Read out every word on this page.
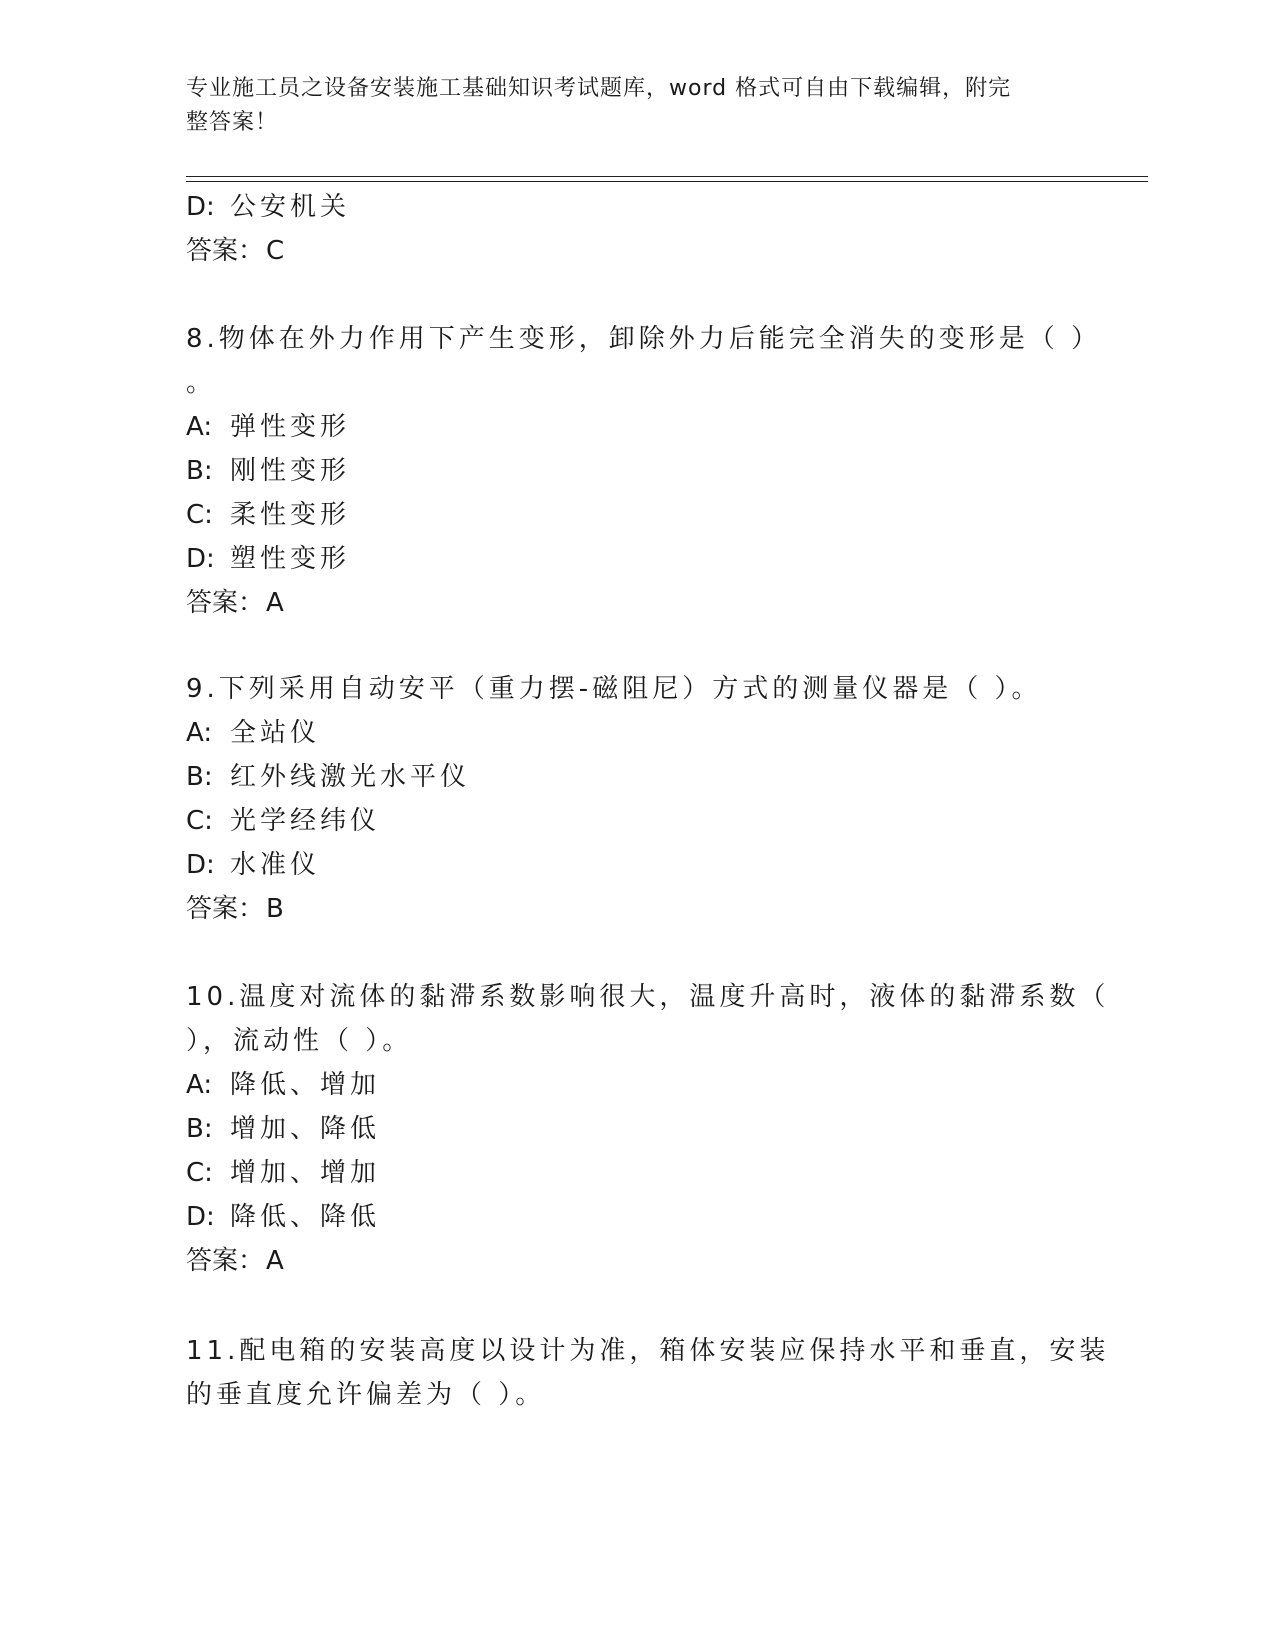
专业施工员之设备安装施工基础知识考试题库，word 格式可自由下载编辑，附完
整答案！
D: 公安机关
答案：C
8.物体在外力作用下产生变形，卸除外力后能完全消失的变形是（ ）
。
A: 弹性变形
B: 刚性变形
C: 柔性变形
D: 塑性变形
答案：A
9.下列采用自动安平（重力摆-磁阻尼）方式的测量仪器是（ ）。
A: 全站仪
B: 红外线激光水平仪
C: 光学经纬仪
D: 水准仪
答案：B
10.温度对流体的黏滞系数影响很大，温度升高时，液体的黏滞系数（
），流动性（ ）。
A: 降低、增加
B: 增加、降低
C: 增加、增加
D: 降低、降低
答案：A
11.配电箱的安装高度以设计为准，箱体安装应保持水平和垂直，安装
的垂直度允许偏差为（ ）。
